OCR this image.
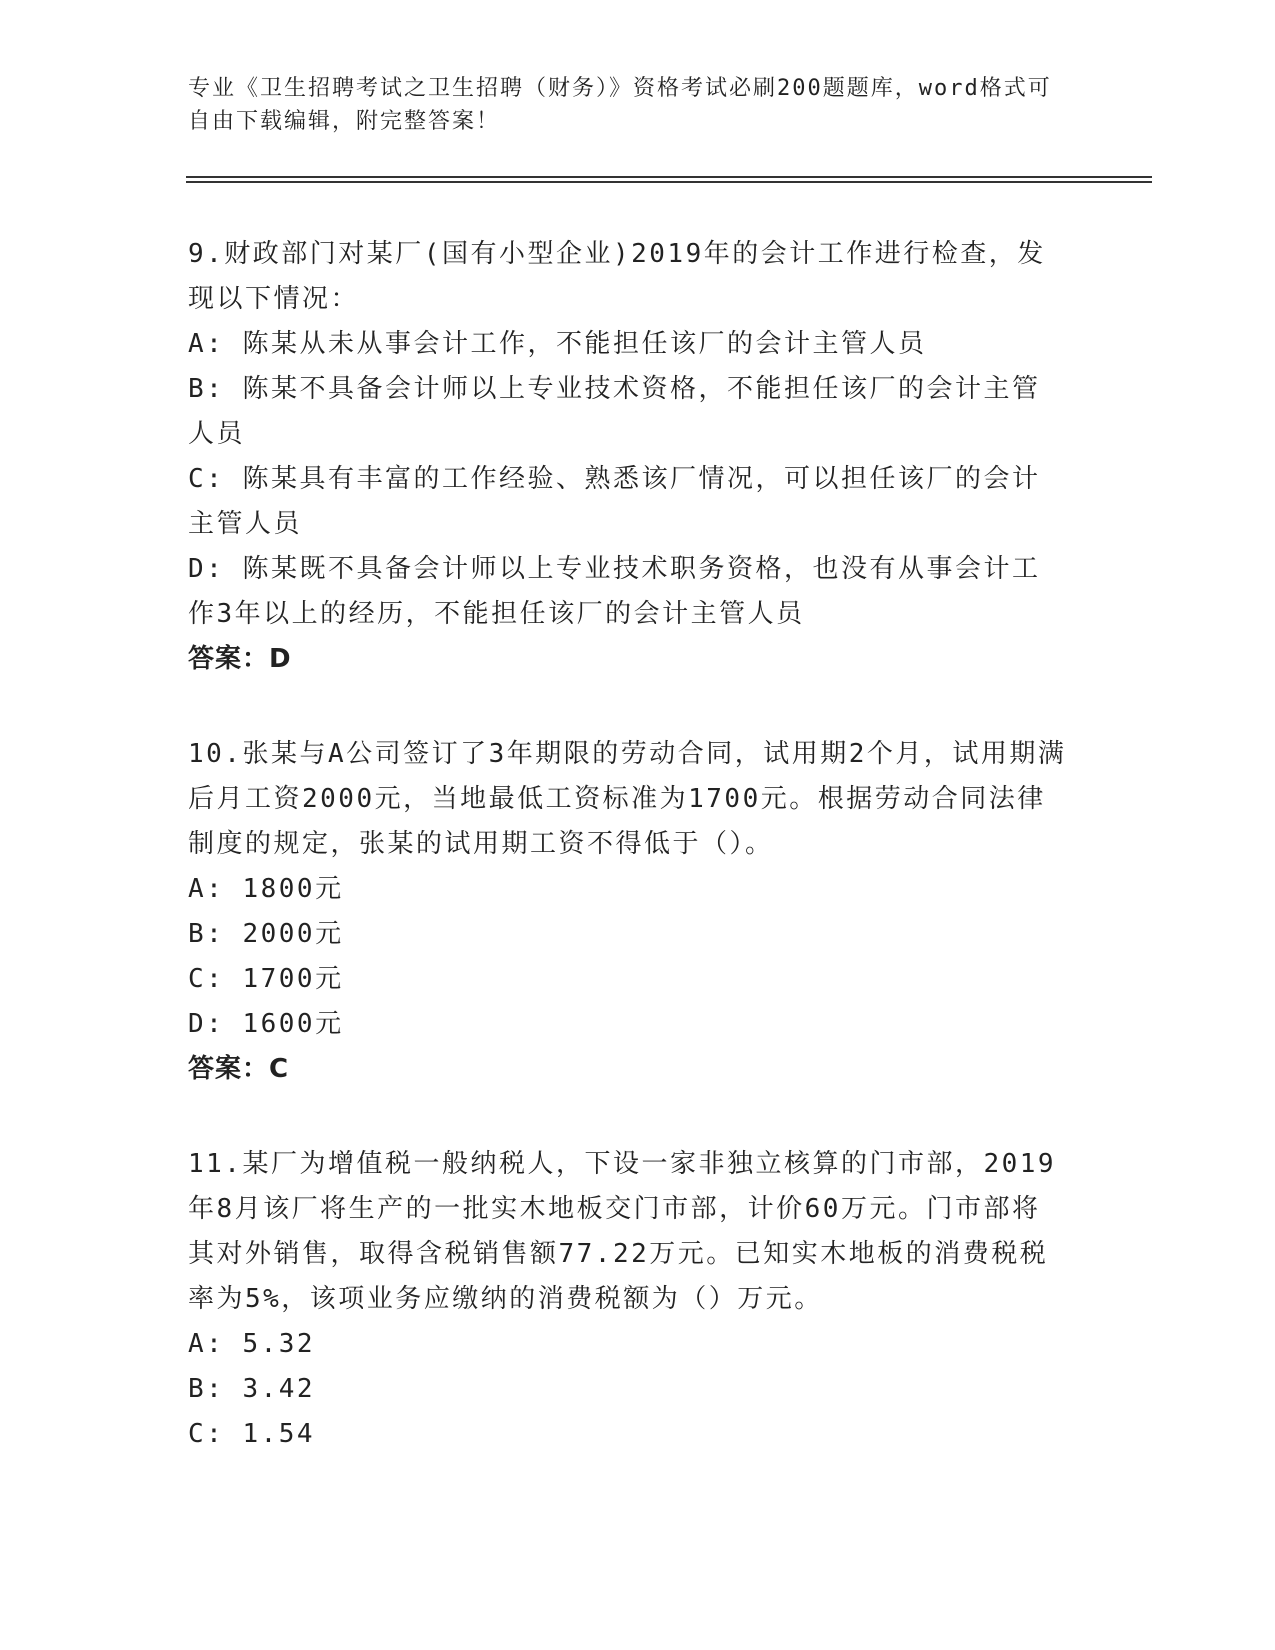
专业《卫生招聘考试之卫生招聘（财务）》资格考试必刷200题题库，word格式可自由下载编辑，附完整答案！
9.财政部门对某厂(国有小型企业)2019年的会计工作进行检查，发现以下情况：
A: 陈某从未从事会计工作，不能担任该厂的会计主管人员
B: 陈某不具备会计师以上专业技术资格，不能担任该厂的会计主管人员
C: 陈某具有丰富的工作经验、熟悉该厂情况，可以担任该厂的会计主管人员
D: 陈某既不具备会计师以上专业技术职务资格，也没有从事会计工作3年以上的经历，不能担任该厂的会计主管人员
答案：D
10.张某与A公司签订了3年期限的劳动合同，试用期2个月，试用期满后月工资2000元，当地最低工资标准为1700元。根据劳动合同法律制度的规定，张某的试用期工资不得低于（）。
A: 1800元
B: 2000元
C: 1700元
D: 1600元
答案：C
11.某厂为增值税一般纳税人，下设一家非独立核算的门市部，2019年8月该厂将生产的一批实木地板交门市部，计价60万元。门市部将其对外销售，取得含税销售额77.22万元。已知实木地板的消费税税率为5%，该项业务应缴纳的消费税额为（）万元。
A: 5.32
B: 3.42
C: 1.54
